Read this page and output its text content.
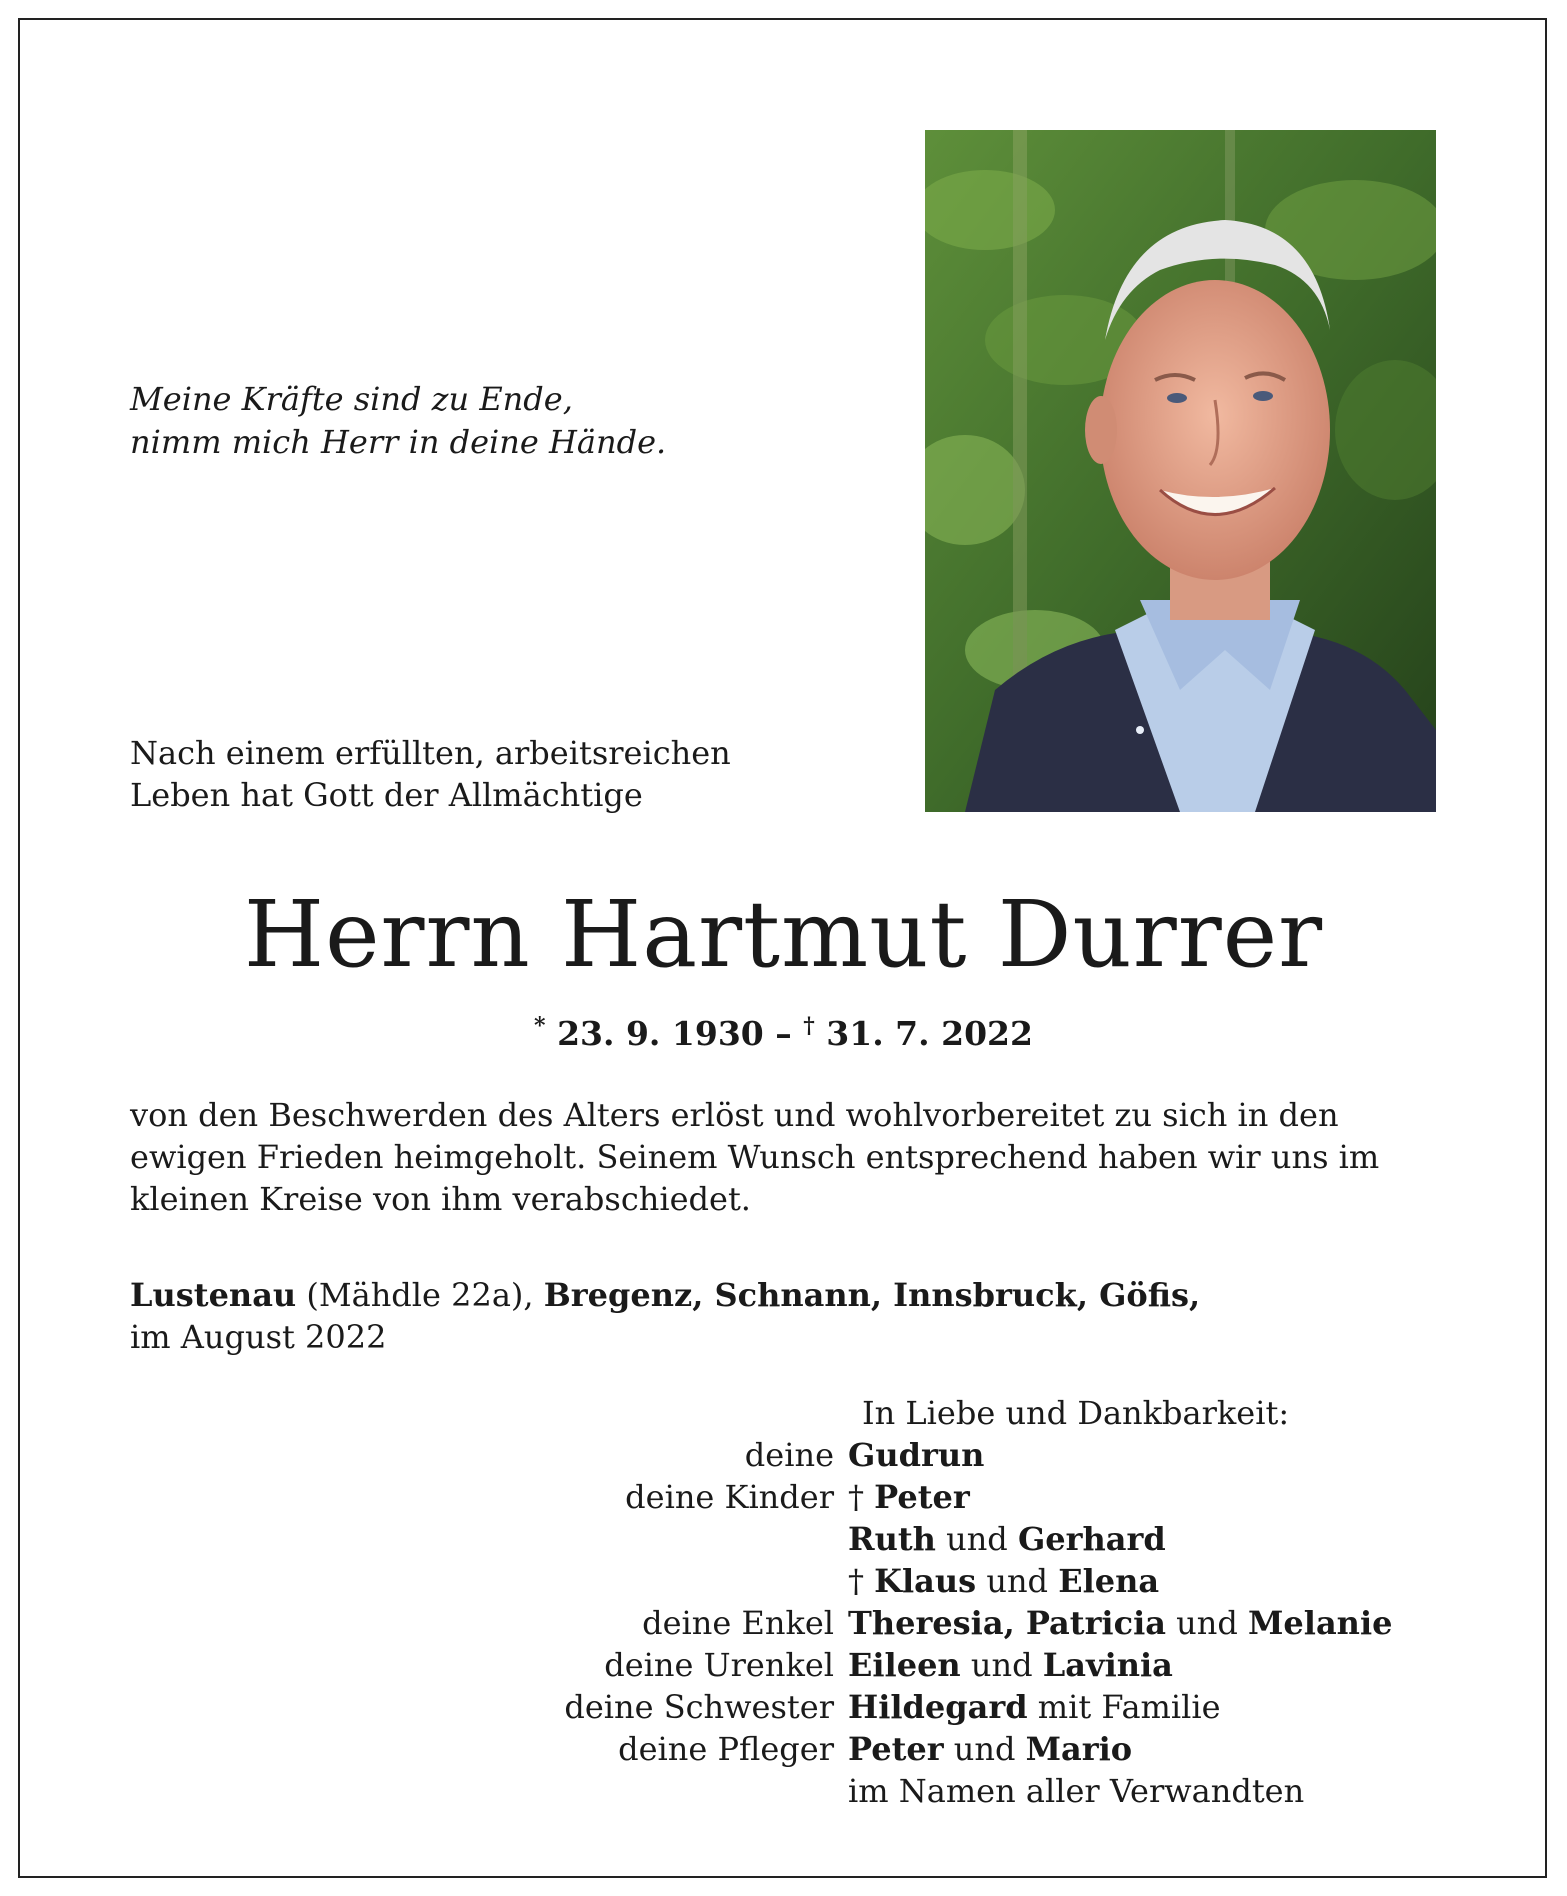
Meine Kräfte sind zu Ende,
nimm mich Herr in deine Hände.
Nach einem erfüllten, arbeitsreichen
Leben hat Gott der Allmächtige
Herrn Hartmut Durrer
* 23. 9. 1930 – † 31. 7. 2022
von den Beschwerden des Alters erlöst und wohlvorbereitet zu sich in den
ewigen Frieden heimgeholt. Seinem Wunsch entsprechend haben wir uns im
kleinen Kreise von ihm verabschiedet.
Lustenau (Mähdle 22a), Bregenz, Schnann, Innsbruck, Göfis,
im August 2022
In Liebe und Dankbarkeit:
deine Gudrun
deine Kinder † Peter
Ruth und Gerhard
† Klaus und Elena
deine Enkel Theresia, Patricia und Melanie
deine Urenkel Eileen und Lavinia
deine Schwester Hildegard mit Familie
deine Pfleger Peter und Mario
im Namen aller Verwandten
